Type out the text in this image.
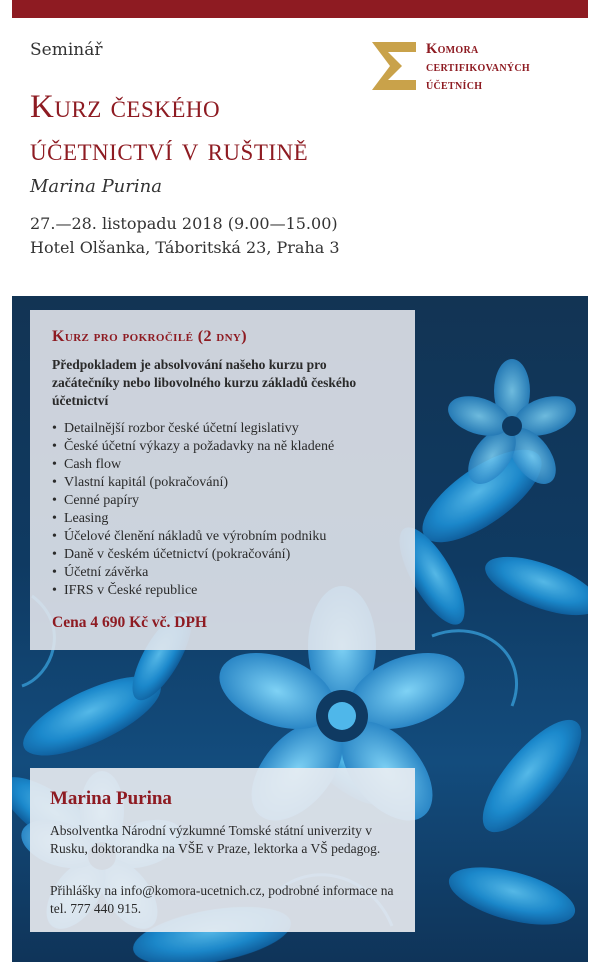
Seminář	Komora
certifikovaných
účetních
Kurz českého
účetnictví v ruštině
Marina Purina
27.—28. listopadu 2018 (9.00—15.00)
Hotel Olšanka, Táboritská 23, Praha 3
Kurz pro pokročilé (2 dny)
Předpokladem je absolvování našeho kurzu pro začátečníky nebo libovolného kurzu základů českého účetnictví
• Detailnější rozbor české účetní legislativy
• České účetní výkazy a požadavky na ně kladené
• Cash flow
• Vlastní kapitál (pokračování)
• Cenné papíry
• Leasing
• Účelové členění nákladů ve výrobním podniku
• Daně v českém účetnictví (pokračování)
• Účetní závěrka
• IFRS v České republice
Cena 4 690 Kč vč. DPH
Marina Purina
Absolventka Národní výzkumné Tomské státní univerzity v Rusku, doktorandka na VŠE v Praze, lektorka a VŠ pedagog.
Přihlášky na info@komora-ucetnich.cz, podrobné informace na tel. 777 440 915.
